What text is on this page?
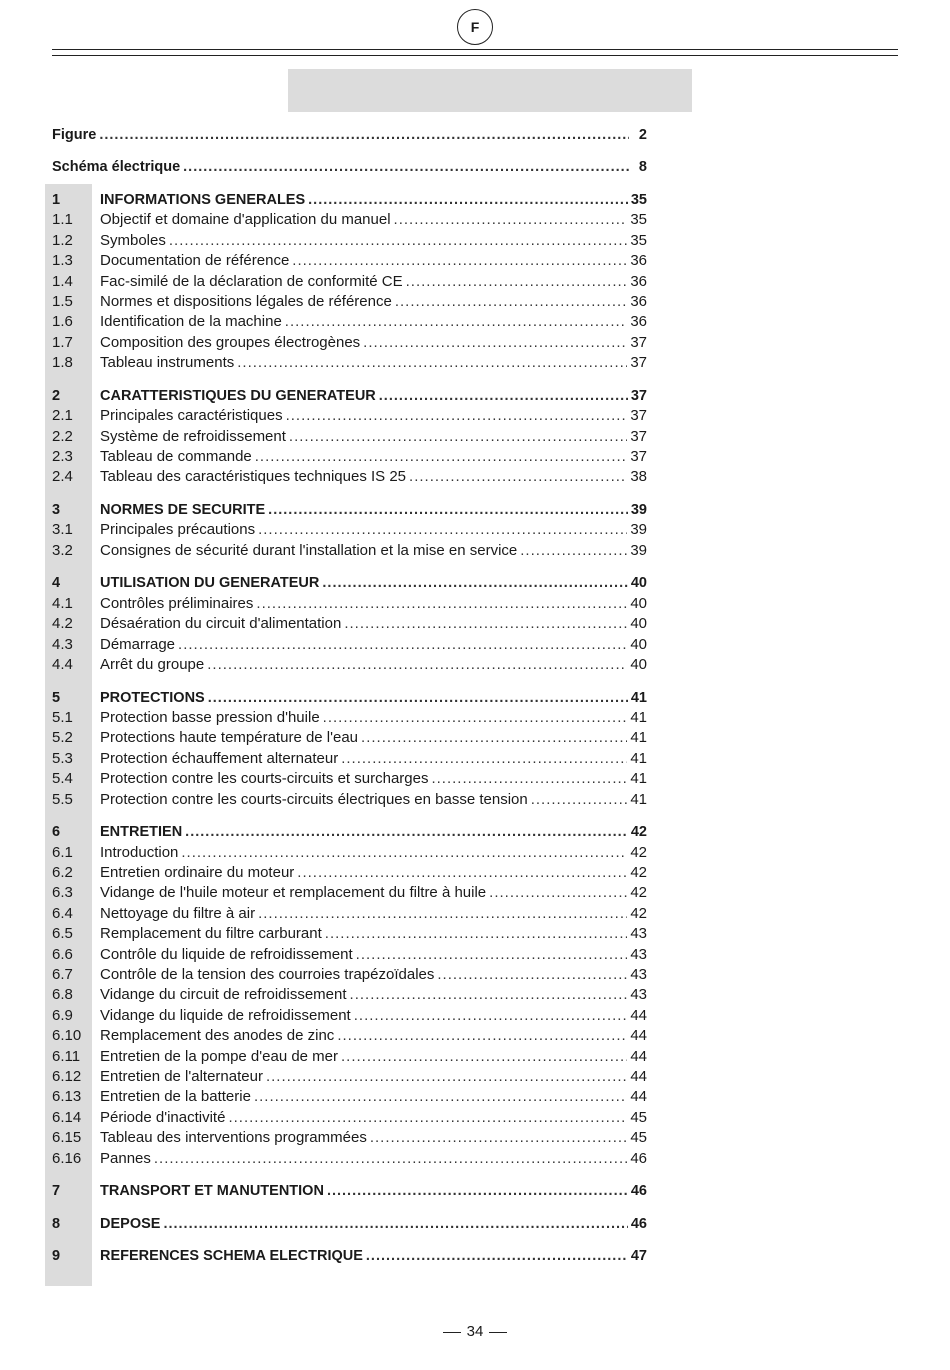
F
Figure .....	2
Schéma électrique .....	8
1	INFORMATIONS GENERALES .....	35
1.1	Objectif et domaine d'application du manuel .....	35
1.2	Symboles .....	35
1.3	Documentation de référence .....	36
1.4	Fac-similé de la déclaration de conformité CE .....	36
1.5	Normes et dispositions légales de référence .....	36
1.6	Identification de la machine .....	36
1.7	Composition des groupes électrogènes .....	37
1.8	Tableau instruments .....	37
2	CARATTERISTIQUES DU GENERATEUR .....	37
2.1	Principales caractéristiques .....	37
2.2	Système de refroidissement .....	37
2.3	Tableau de commande .....	37
2.4	Tableau des caractéristiques techniques IS 25 .....	38
3	NORMES DE SECURITE .....	39
3.1	Principales précautions .....	39
3.2	Consignes de sécurité durant l'installation et la mise en service .....	39
4	UTILISATION DU GENERATEUR .....	40
4.1	Contrôles préliminaires .....	40
4.2	Désaération du circuit d'alimentation .....	40
4.3	Démarrage .....	40
4.4	Arrêt du groupe .....	40
5	PROTECTIONS .....	41
5.1	Protection basse pression d'huile .....	41
5.2	Protections haute température de l'eau .....	41
5.3	Protection échauffement alternateur .....	41
5.4	Protection contre les courts-circuits et surcharges .....	41
5.5	Protection contre les courts-circuits électriques en basse tension .....	41
6	ENTRETIEN .....	42
6.1	Introduction .....	42
6.2	Entretien ordinaire du moteur .....	42
6.3	Vidange de l'huile moteur et remplacement du filtre à huile .....	42
6.4	Nettoyage du filtre à air .....	42
6.5	Remplacement du filtre carburant .....	43
6.6	Contrôle du liquide de refroidissement .....	43
6.7	Contrôle de la tension des courroies trapézoïdales .....	43
6.8	Vidange du circuit de refroidissement .....	43
6.9	Vidange du liquide de refroidissement .....	44
6.10	Remplacement des anodes de zinc .....	44
6.11	Entretien de la pompe d'eau de mer .....	44
6.12	Entretien de l'alternateur .....	44
6.13	Entretien de la batterie .....	44
6.14	Période d'inactivité .....	45
6.15	Tableau des interventions programmées .....	45
6.16	Pannes .....	46
7	TRANSPORT ET MANUTENTION .....	46
8	DEPOSE .....	46
9	REFERENCES SCHEMA ELECTRIQUE .....	47
34
